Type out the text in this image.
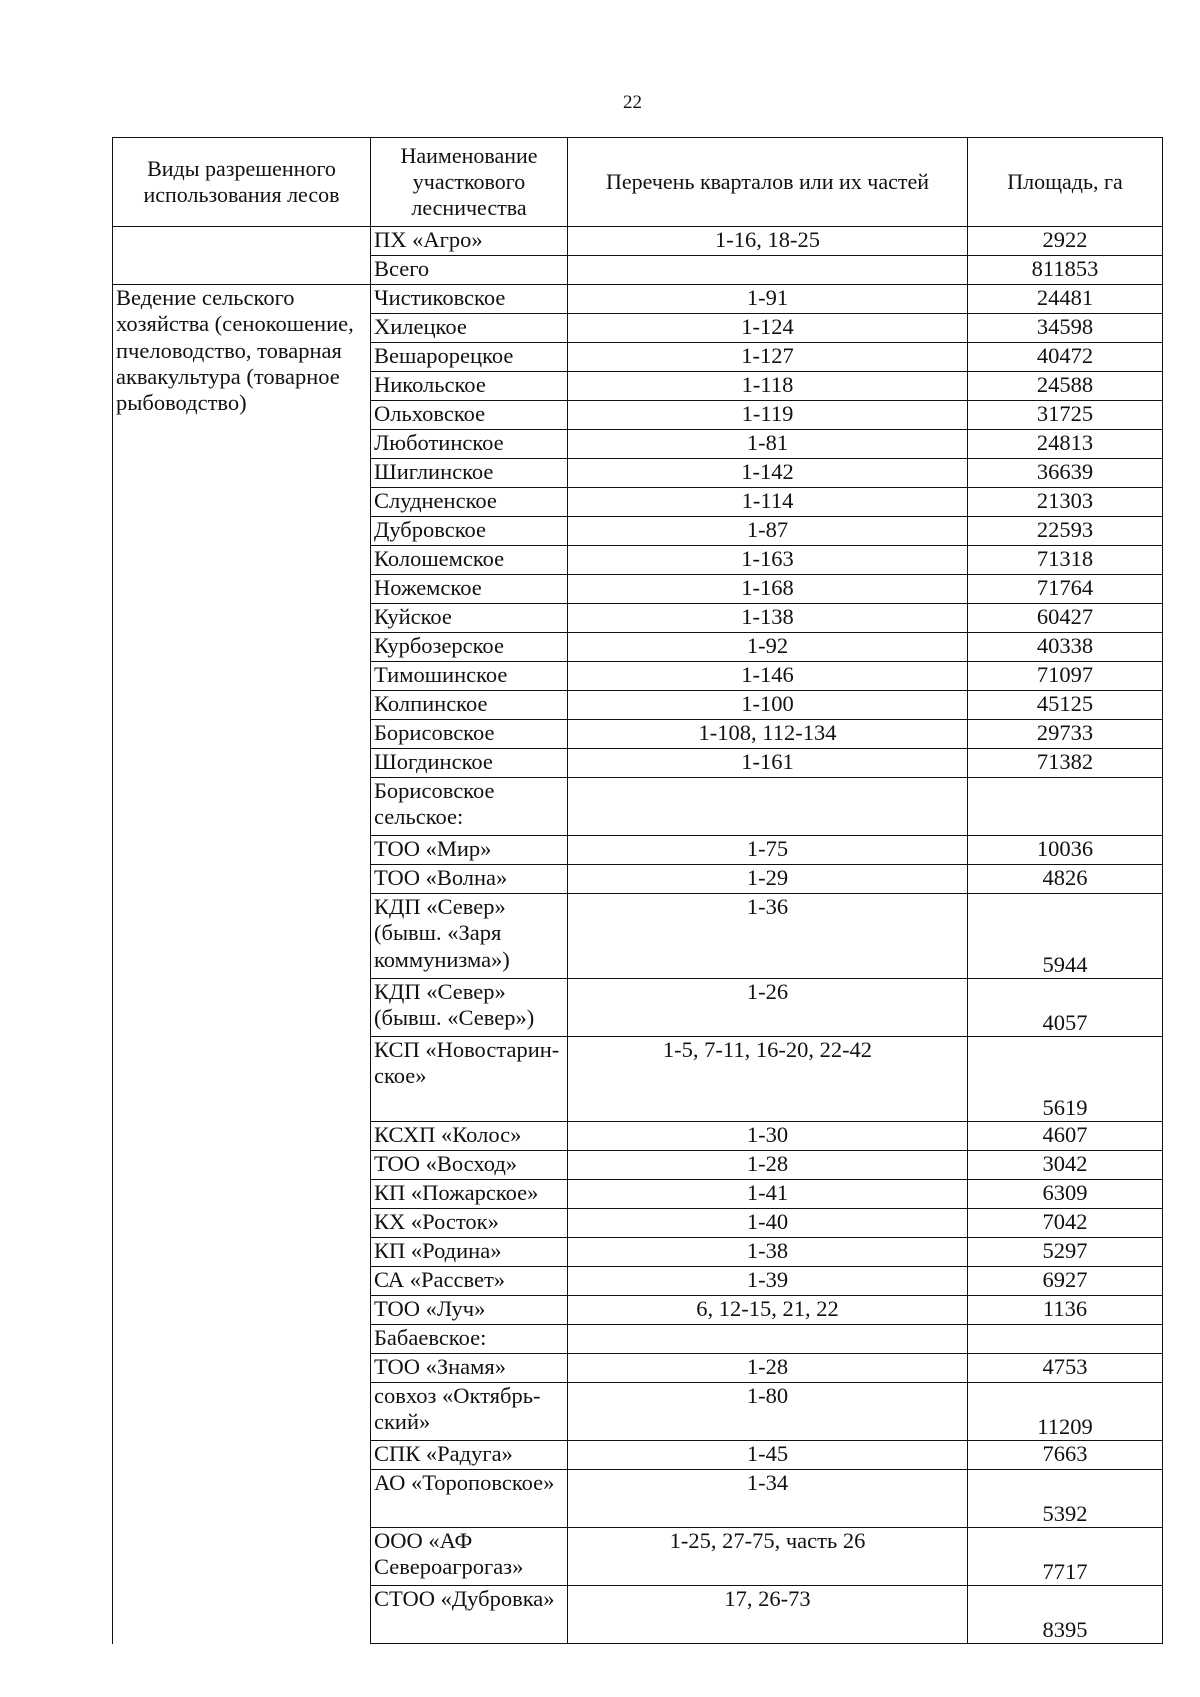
22
Виды разрешенного использования лесов	Наименование участкового лесничества	Перечень кварталов или их частей	Площадь, га
	ПХ «Агро»	1-16, 18-25	2922
	Всего		811853
Ведение сельского хозяйства (сенокошение, пчеловодство, товарная аквакультура (товарное рыбоводство)	Чистиковское	1-91	24481
	Хилецкое	1-124	34598
	Вешарорецкое	1-127	40472
	Никольское	1-118	24588
	Ольховское	1-119	31725
	Люботинское	1-81	24813
	Шиглинское	1-142	36639
	Слудненское	1-114	21303
	Дубровское	1-87	22593
	Колошемское	1-163	71318
	Ножемское	1-168	71764
	Куйское	1-138	60427
	Курбозерское	1-92	40338
	Тимошинское	1-146	71097
	Колпинское	1-100	45125
	Борисовское	1-108, 112-134	29733
	Шогдинское	1-161	71382
	Борисовское сельское:		
	ТОО «Мир»	1-75	10036
	ТОО «Волна»	1-29	4826
	КДП «Север» (бывш. «Заря коммунизма»)	1-36	5944
	КДП «Север» (бывш. «Север»)	1-26	4057
	КСП «Новостарин-ское»	1-5, 7-11, 16-20, 22-42	5619
	КСХП «Колос»	1-30	4607
	ТОО «Восход»	1-28	3042
	КП «Пожарское»	1-41	6309
	КХ «Росток»	1-40	7042
	КП «Родина»	1-38	5297
	СА «Рассвет»	1-39	6927
	ТОО «Луч»	6, 12-15, 21, 22	1136
	Бабаевское:		
	ТОО «Знамя»	1-28	4753
	совхоз «Октябрь-ский»	1-80	11209
	СПК «Радуга»	1-45	7663
	АО «Тороповское»	1-34	5392
	ООО «АФ Североагрогаз»	1-25, 27-75, часть 26	7717
	СТОО «Дубровка»	17, 26-73	8395
